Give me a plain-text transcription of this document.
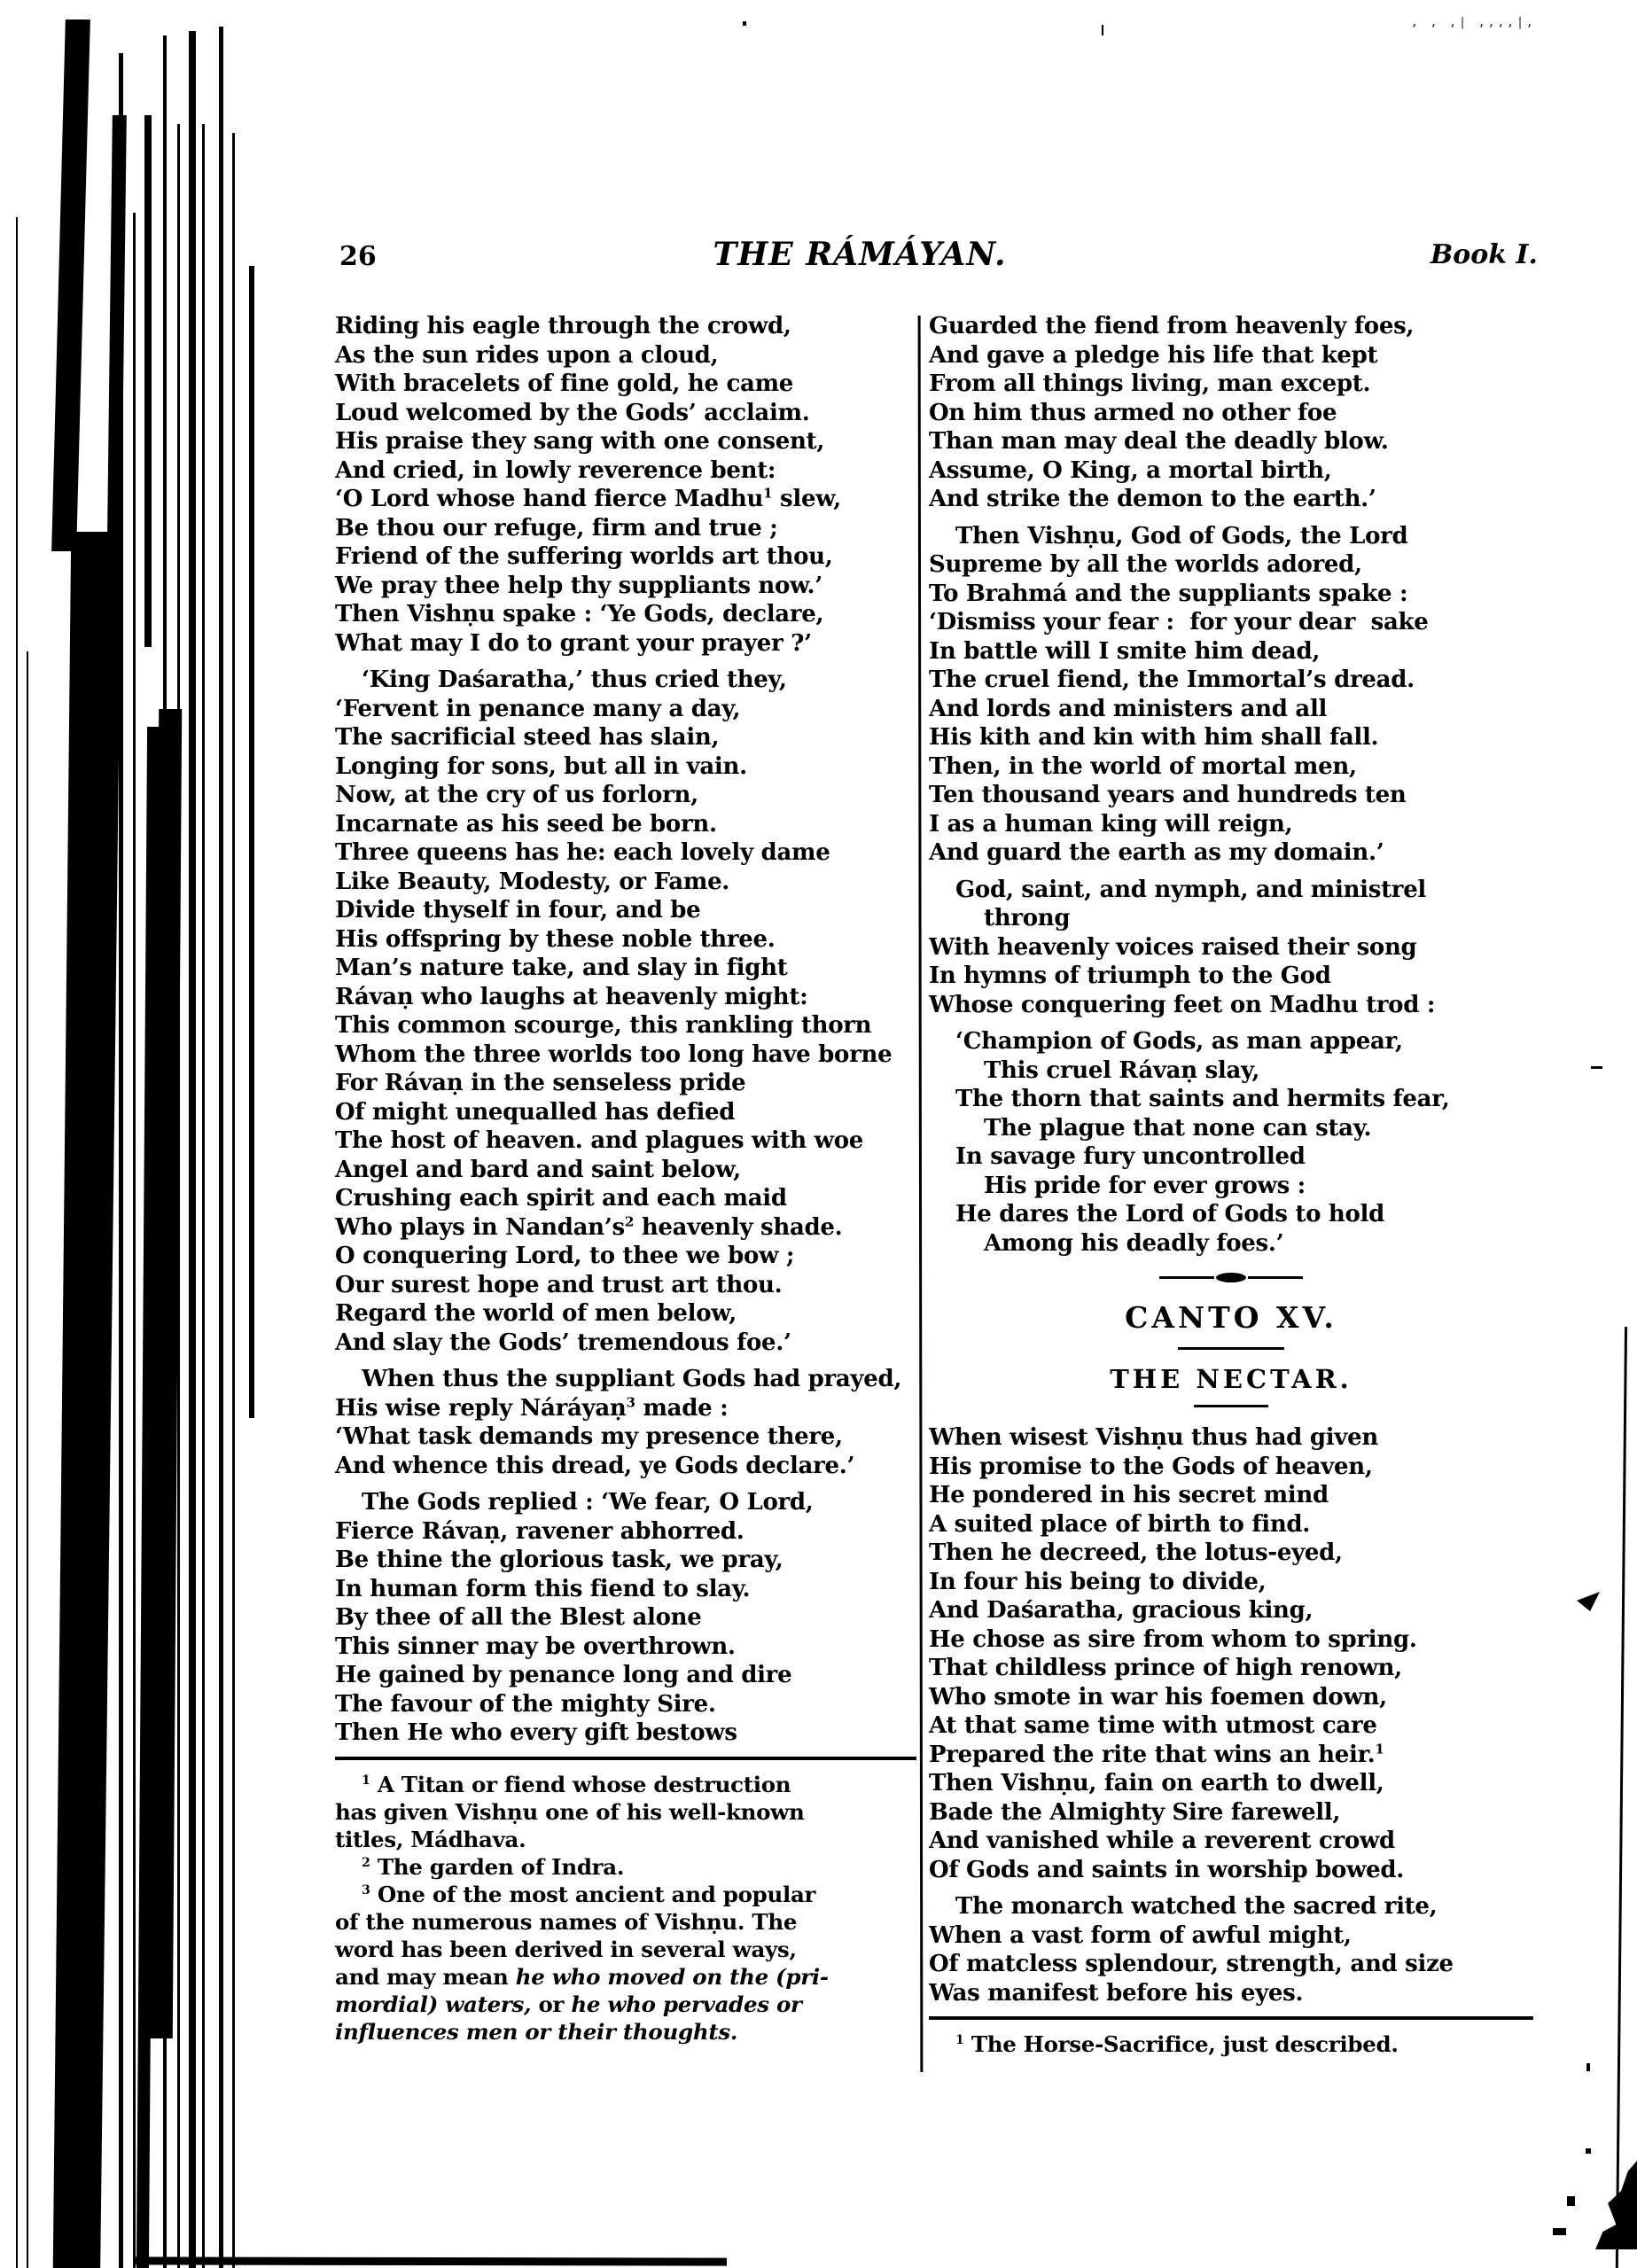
26	THE RÁMÁYAN.	Book I.
Riding his eagle through the crowd,
As the sun rides upon a cloud,
With bracelets of fine gold, he came
Loud welcomed by the Gods’ acclaim.
His praise they sang with one consent,
And cried, in lowly reverence bent:
‘O Lord whose hand fierce Madhu$^1$ slew,
Be thou our refuge, firm and true ;
Friend of the suffering worlds art thou,
We pray thee help thy suppliants now.’
Then Vishṇu spake : ‘Ye Gods, declare,
What may I do to grant your prayer ?’
‘King Daśaratha,’ thus cried they,
‘Fervent in penance many a day,
The sacrificial steed has slain,
Longing for sons, but all in vain.
Now, at the cry of us forlorn,
Incarnate as his seed be born.
Three queens has he: each lovely dame
Like Beauty, Modesty, or Fame.
Divide thyself in four, and be
His offspring by these noble three.
Man’s nature take, and slay in fight
Rávaṇ who laughs at heavenly might:
This common scourge, this rankling thorn
Whom the three worlds too long have borne
For Rávaṇ in the senseless pride
Of might unequalled has defied
The host of heaven. and plagues with woe
Angel and bard and saint below,
Crushing each spirit and each maid
Who plays in $Nandan’s^2$ heavenly shade.
O conquering Lord, to thee we bow ;
Our surest hope and trust art thou.
Regard the world of men below,
And slay the Gods’ tremendous foe.’
When thus the suppliant Gods had prayed,
His wise reply Náráyaṇ$^3$ made :
‘What task demands my presence there,
And whence this dread, ye Gods declare.’
The Gods replied : ‘We fear, O Lord,
Fierce Rávaṇ, ravener abhorred.
Be thine the glorious task, we pray,
In human form this fiend to slay.
By thee of all the Blest alone
This sinner may be overthrown.
He gained by penance long and dire
The favour of the mighty Sire.
Then He who every gift bestows
$^1$ A Titan or fiend whose destruction
has given Vishṇu one of his well-known
titles, Mádhava.
$^2$ The garden of Indra.
$^3$ One of the most ancient and popular
of the numerous names of Vishṇu. The
word has been derived in several ways,
and may mean he who moved on the (pri-
mordial) waters, or he who pervades or
influences men or their thoughts.
Guarded the fiend from heavenly foes,
And gave a pledge his life that kept
From all things living, man except.
On him thus armed no other foe
Than man may deal the deadly blow.
Assume, O King, a mortal birth,
And strike the demon to the earth.’
Then Vishṇu, God of Gods, the Lord
Supreme by all the worlds adored,
To Brahmá and the suppliants spake :
‘Dismiss your fear :  for your dear  sake
In battle will I smite him dead,
The cruel fiend, the Immortal’s dread.
And lords and ministers and all
His kith and kin with him shall fall.
Then, in the world of mortal men,
Ten thousand years and hundreds ten
I as a human king will reign,
And guard the earth as my domain.’
God, saint, and nymph, and ministrel
throng
With heavenly voices raised their song
In hymns of triumph to the God
Whose conquering feet on Madhu trod :
‘Champion of Gods, as man appear,
This cruel Rávaṇ slay,
The thorn that saints and hermits fear,
The plague that none can stay.
In savage fury uncontrolled
His pride for ever grows :
He dares the Lord of Gods to hold
Among his deadly foes.’
CANTO XV.
THE NECTAR.
When wisest Vishṇu thus had given
His promise to the Gods of heaven,
He pondered in his secret mind
A suited place of birth to find.
Then he decreed, the lotus-eyed,
In four his being to divide,
And Daśaratha, gracious king,
He chose as sire from whom to spring.
That childless prince of high renown,
Who smote in war his foemen down,
At that same time with utmost care
Prepared the rite that wins an heir.$^1$
Then Vishṇu, fain on earth to dwell,
Bade the Almighty Sire farewell,
And vanished while a reverent crowd
Of Gods and saints in worship bowed.
The monarch watched the sacred rite,
When a vast form of awful might,
Of matcless splendour, strength, and size
Was manifest before his eyes.
$^1$ The Horse-Sacrifice, just described.
, , ,| ,,,,|,
